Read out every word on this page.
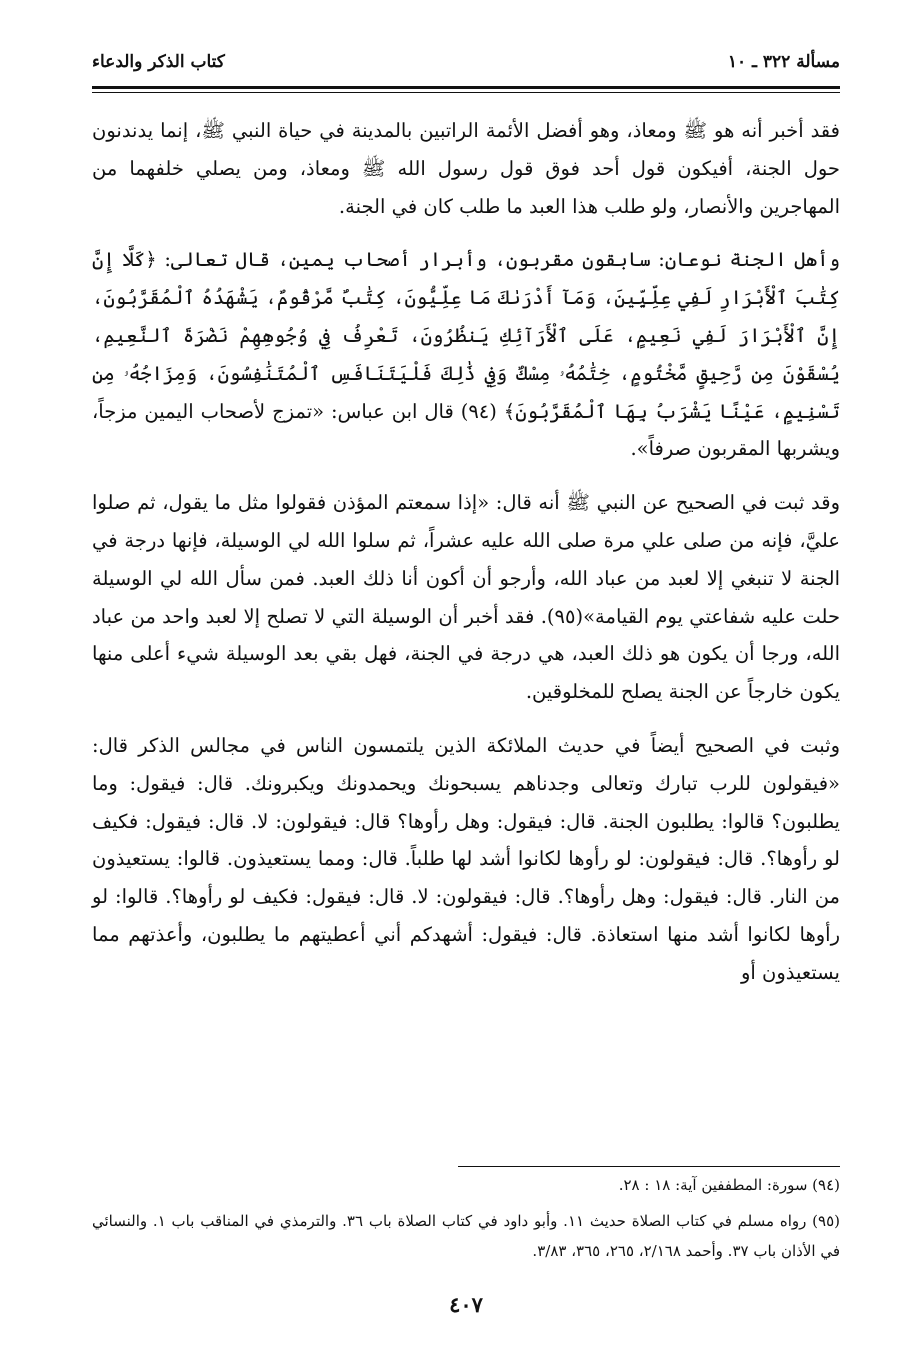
مسألة ٣٢٢ ـ ١٠
كتاب الذكر والدعاء

فقد أخبر أنه هو ﷺ ومعاذ، وهو أفضل الأئمة الراتبين بالمدينة في حياة النبي ﷺ، إنما يدندنون حول الجنة، أفيكون قول أحد فوق قول رسول الله ﷺ ومعاذ، ومن يصلي خلفهما من المهاجرين والأنصار، ولو طلب هذا العبد ما طلب كان في الجنة.

وأهل الجنة نوعان: سابقون مقربون، وأبرار أصحاب يمين، قال تعالى: ﴿كَلَّا إِنَّ كِتَٰبَ ٱلْأَبْرَارِ لَفِي عِلِّيِّينَ، وَمَآ أَدْرَىٰكَ مَا عِلِّيُّونَ، كِتَٰبٌ مَّرْقُومٌ، يَشْهَدُهُ ٱلْمُقَرَّبُونَ، إِنَّ ٱلْأَبْرَارَ لَفِي نَعِيمٍ، عَلَى ٱلْأَرَآئِكِ يَنظُرُونَ، تَعْرِفُ فِي وُجُوهِهِمْ نَضْرَةَ ٱلنَّعِيمِ، يُسْقَوْنَ مِن رَّحِيقٍ مَّخْتُومٍ، خِتَٰمُهُۥ مِسْكٌ وَفِي ذَٰلِكَ فَلْيَتَنَافَسِ ٱلْمُتَنَٰفِسُونَ، وَمِزَاجُهُۥ مِن تَسْنِيمٍ، عَيْنًا يَشْرَبُ بِهَا ٱلْمُقَرَّبُونَ﴾ (٩٤) قال ابن عباس: «تمزج لأصحاب اليمين مزجاً، ويشربها المقربون صرفاً».

وقد ثبت في الصحيح عن النبي ﷺ أنه قال: «إذا سمعتم المؤذن فقولوا مثل ما يقول، ثم صلوا عليَّ، فإنه من صلى علي مرة صلى الله عليه عشراً، ثم سلوا الله لي الوسيلة، فإنها درجة في الجنة لا تنبغي إلا لعبد من عباد الله، وأرجو أن أكون أنا ذلك العبد. فمن سأل الله لي الوسيلة حلت عليه شفاعتي يوم القيامة»(٩٥). فقد أخبر أن الوسيلة التي لا تصلح إلا لعبد واحد من عباد الله، ورجا أن يكون هو ذلك العبد، هي درجة في الجنة، فهل بقي بعد الوسيلة شيء أعلى منها يكون خارجاً عن الجنة يصلح للمخلوقين.

وثبت في الصحيح أيضاً في حديث الملائكة الذين يلتمسون الناس في مجالس الذكر قال: «فيقولون للرب تبارك وتعالى وجدناهم يسبحونك ويحمدونك ويكبرونك. قال: فيقول: وما يطلبون؟ قالوا: يطلبون الجنة. قال: فيقول: وهل رأوها؟ قال: فيقولون: لا. قال: فيقول: فكيف لو رأوها؟. قال: فيقولون: لو رأوها لكانوا أشد لها طلباً. قال: ومما يستعيذون. قالوا: يستعيذون من النار. قال: فيقول: وهل رأوها؟. قال: فيقولون: لا. قال: فيقول: فكيف لو رأوها؟. قالوا: لو رأوها لكانوا أشد منها استعاذة. قال: فيقول: أشهدكم أني أعطيتهم ما يطلبون، وأعذتهم مما يستعيذون أو

(٩٤) سورة: المطففين آية: ١٨ : ٢٨.

(٩٥) رواه مسلم في كتاب الصلاة حديث ١١. وأبو داود في كتاب الصلاة باب ٣٦. والترمذي في المناقب باب ١. والنسائي في الأذان باب ٣٧. وأحمد ٢/١٦٨، ٢٦٥، ٣٦٥، ٣/٨٣.

٤٠٧
